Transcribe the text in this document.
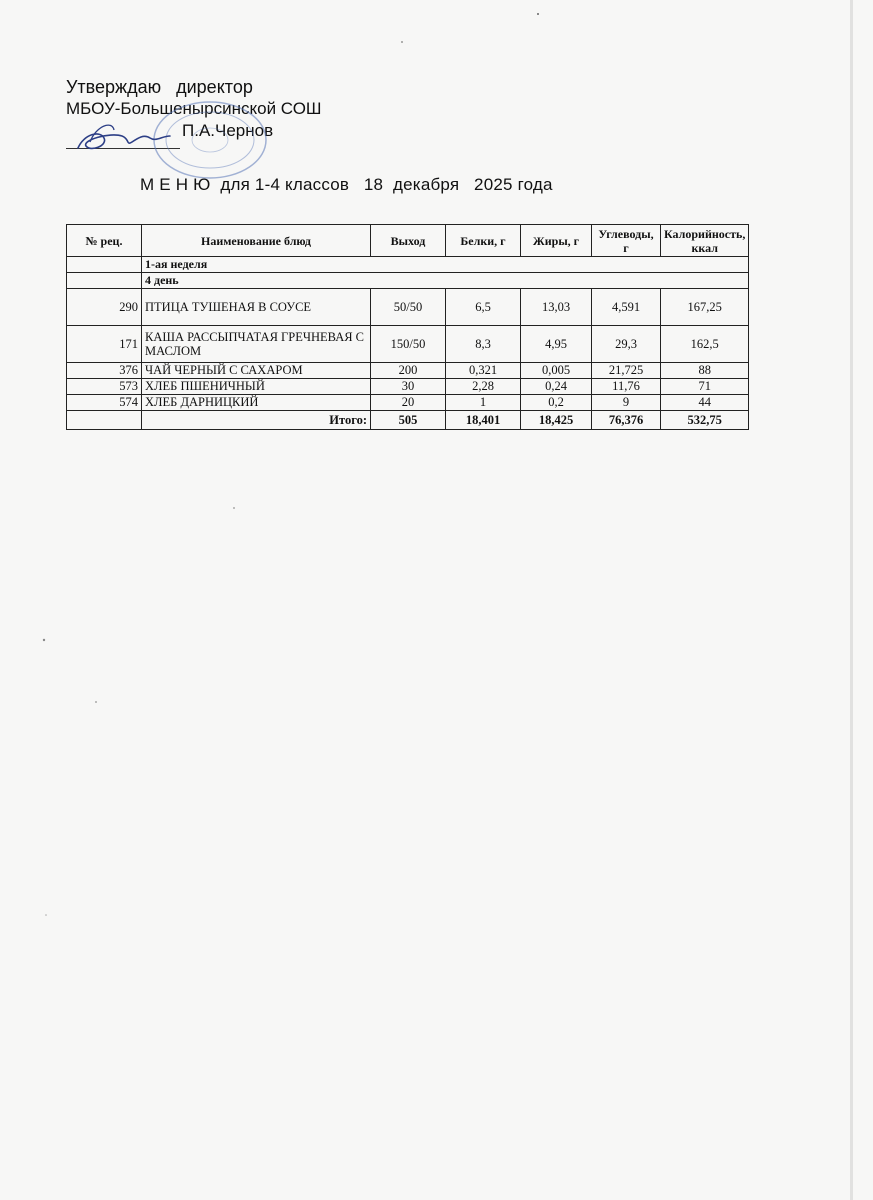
Утверждаю   директор
МБОУ-Большенырсинской СОШ
П.А.Чернов
М Е Н Ю  для 1-4 классов   18  декабря   2025 года
№ рец.	Наименование блюд	Выход	Белки, г	Жиры, г	Углеводы, г	Калорийность, ккал
	1-ая неделя					
	4 день					
290	ПТИЦА ТУШЕНАЯ В СОУСЕ	50/50	6,5	13,03	4,591	167,25
171	КАША РАССЫПЧАТАЯ ГРЕЧНЕВАЯ С МАСЛОМ	150/50	8,3	4,95	29,3	162,5
376	ЧАЙ ЧЕРНЫЙ С САХАРОМ	200	0,321	0,005	21,725	88
573	ХЛЕБ ПШЕНИЧНЫЙ	30	2,28	0,24	11,76	71
574	ХЛЕБ ДАРНИЦКИЙ	20	1	0,2	9	44
	Итого:	505	18,401	18,425	76,376	532,75
